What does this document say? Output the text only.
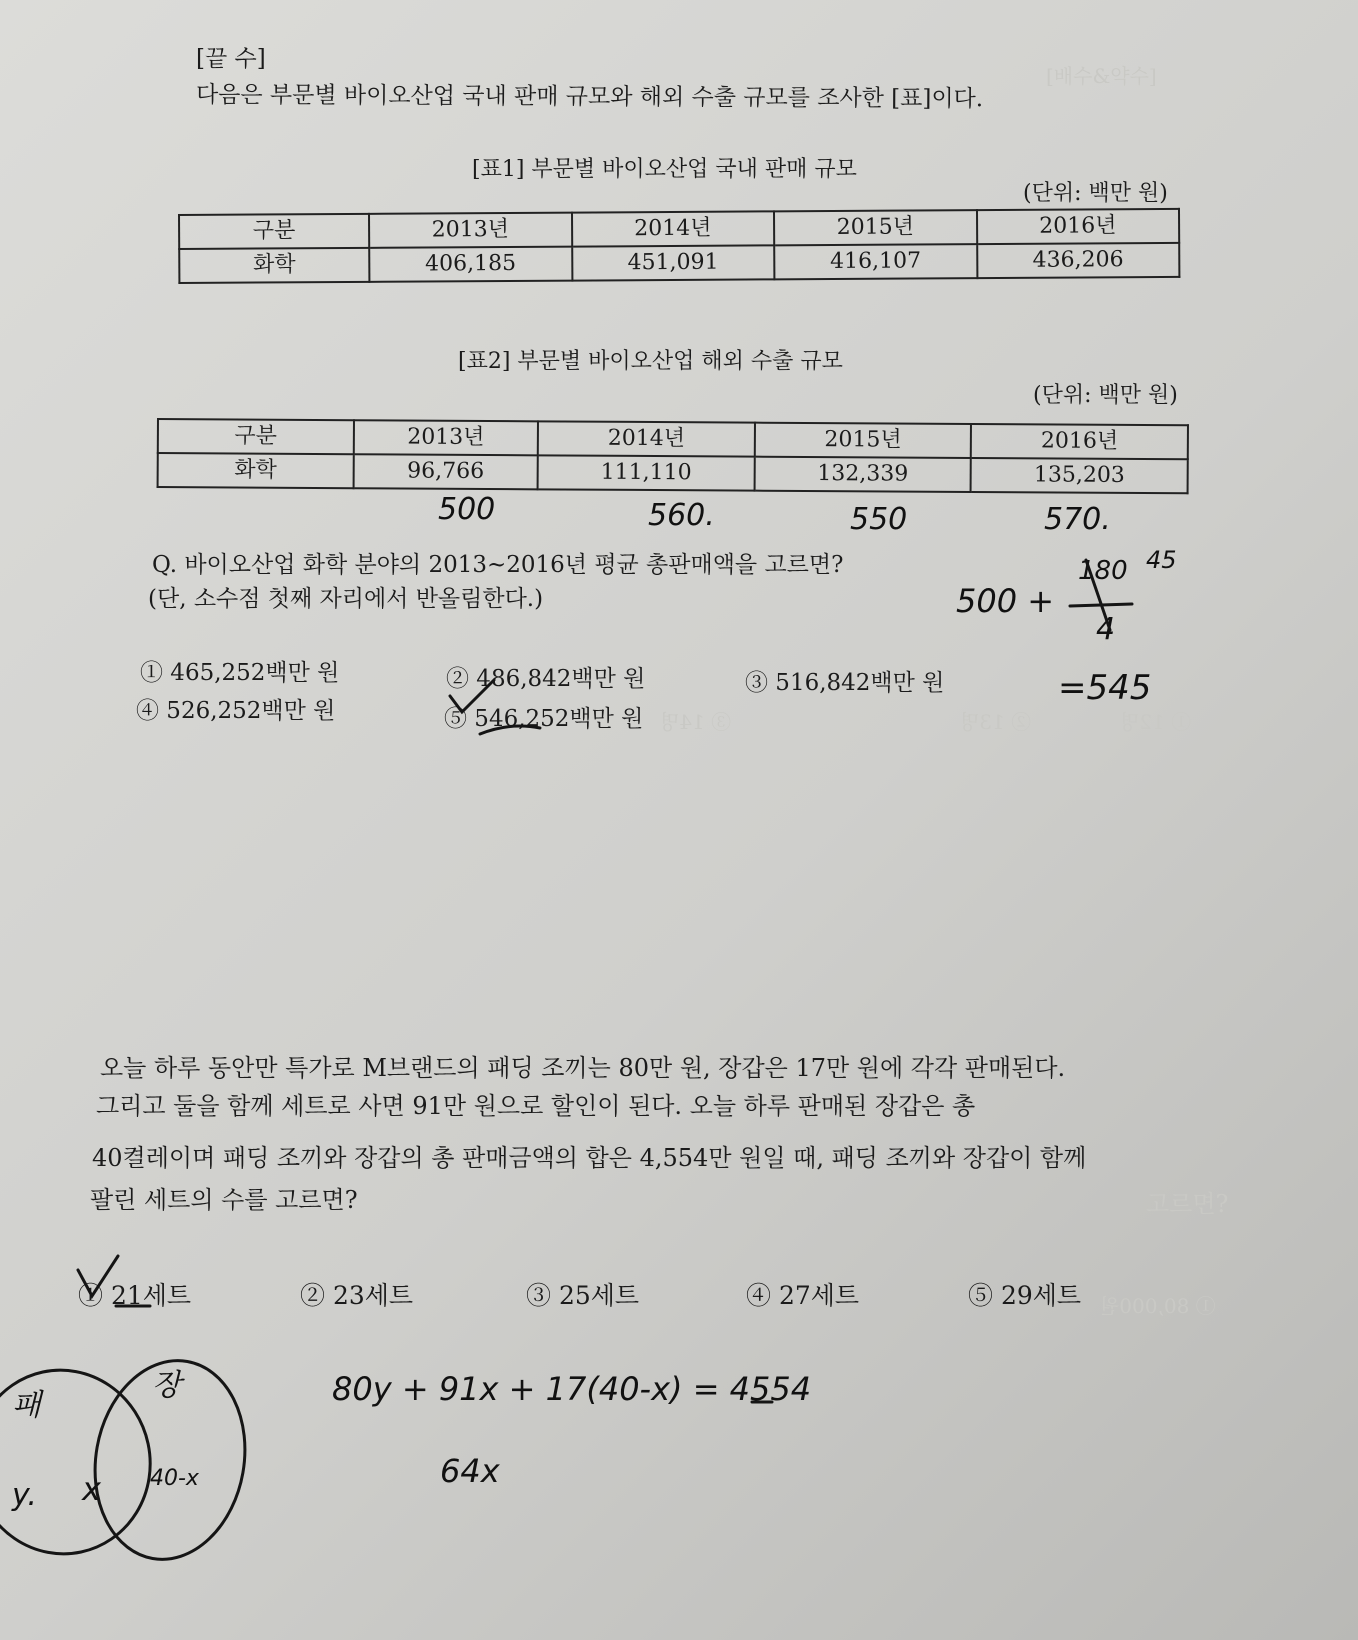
[배수&약수]
고르면?
① 12명
② 13명
③ 14명
① 80,000원
[끝 수]
다음은 부문별 바이오산업 국내 판매 규모와 해외 수출 규모를 조사한 [표]이다.
[표1] 부문별 바이오산업 국내 판매 규모
(단위: 백만 원)
구분	2013년	2014년	2015년	2016년
화학	406,185	451,091	416,107	436,206
[표2] 부문별 바이오산업 해외 수출 규모
(단위: 백만 원)
구분	2013년	2014년	2015년	2016년
화학	96,766	111,110	132,339	135,203
500	560.	550	570.
Q. 바이오산업 화학 분야의 2013~2016년 평균 총판매액을 고르면?
(단, 소수점 첫째 자리에서 반올림한다.)
① 465,252백만 원	② 486,842백만 원	③ 516,842백만 원
④ 526,252백만 원	⑤ 546,252백만 원
500 +
180
4
45
=545
오늘 하루 동안만 특가로 M브랜드의 패딩 조끼는 80만 원, 장갑은 17만 원에 각각 판매된다.
그리고 둘을 함께 세트로 사면 91만 원으로 할인이 된다. 오늘 하루 판매된 장갑은 총
40켤레이며 패딩 조끼와 장갑의 총 판매금액의 합은 4,554만 원일 때, 패딩 조끼와 장갑이 함께
팔린 세트의 수를 고르면?
① 21세트	② 23세트	③ 25세트	④ 27세트	⑤ 29세트
80y + 91x + 17(40-x) = 4554
64x
패
장
y. x 40-x
